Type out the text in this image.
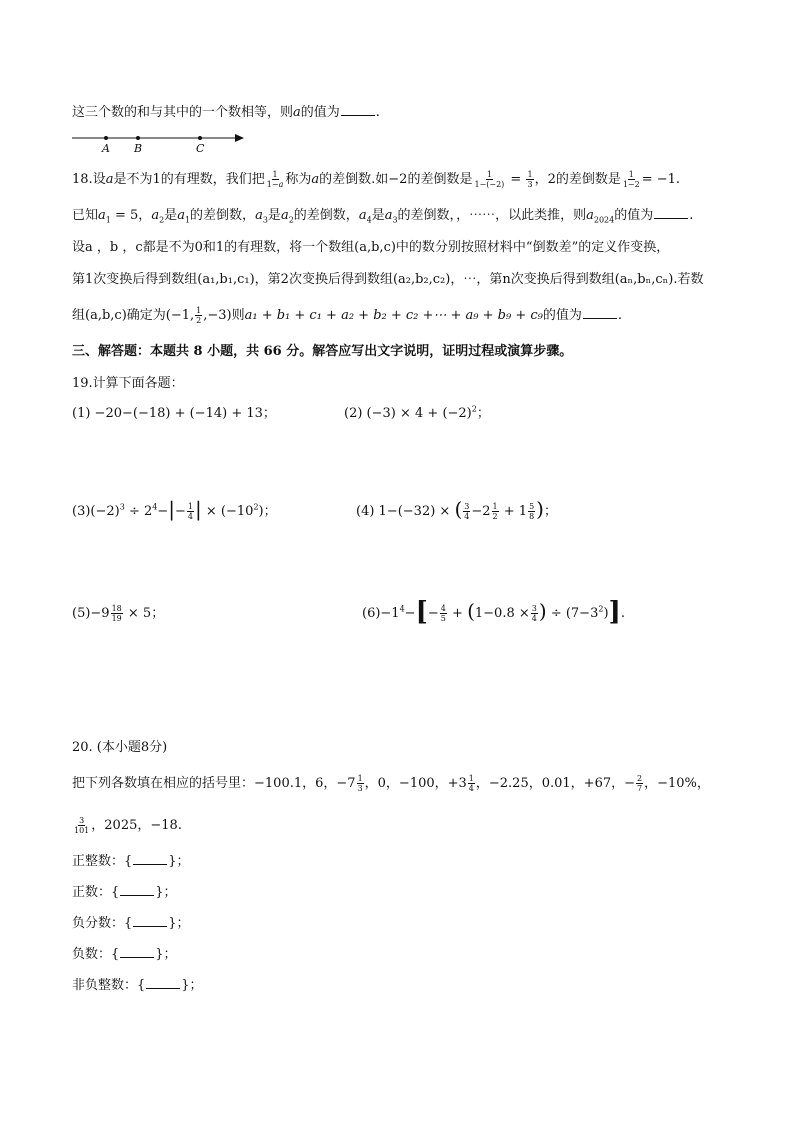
这三个数的和与其中的一个数相等，则a的值为	.
A B	C
18.设a是不为1的有理数，我们把 $\frac{1}{1-a}$ 称为a的差倒数.如−2的差倒数是 $\frac{1}{1-(-2)} = \frac{1}{3}$ ，2的差倒数是 $\frac{1}{1-2} = -1$.
已知$a_1 = 5$，$a_2$是$a_1$的差倒数，$a_3$是$a_2$的差倒数，$a_4$是$a_3$的差倒数，，⋯⋯，以此类推，则$a_{2024}$的值为	.
设a ，b ，c都是不为0和1的有理数，将一个数组(a,b,c)中的数分别按照材料中“倒数差”的定义作变换，
第1次变换后得到数组(a₁,b₁,c₁)，第2次变换后得到数组(a₂,b₂,c₂)，⋯，第n次变换后得到数组(aₙ,bₙ,cₙ).若数
组(a,b,c)确定为(−1, $\frac{1}{2} ,-3$)则a₁ + b₁ + c₁ + a₂ + b₂ + c₂ +⋯ + a₉ + b₉ + c₉的值为	.
三、解答题：本题共 8 小题，共 66 分。解答应写出文字说明，证明过程或演算步骤。
19.计算下面各题：
(1) −20−(−18) + (−14) + 13；	(2) $(-3) \times 4 + (-2)^2$；
$(3)(-2)^3 \div 2^4-|- \frac{1}{4}$ | × $(-10^2)$；	(4) 1−(−32) × ( $\frac{3}{4} -2 \frac{1}{2} + 1 \frac{5}{8}$ )；
$(5)-9 \frac{18}{19} \times 5$；	$(6)-1^4-[- \frac{4}{5} + (1-0.8 \times \frac{3}{4}$ ) ÷ $(7-3^2)$].
20. (本小题8分)
把下列各数填在相应的括号里：−100.1，6，$-7 \frac{1}{3}$ ，0，−100，$+3 \frac{1}{4}$ ，−2.25，0.01，+67，− $\frac{2}{7}$ ，−10%，
$\frac{3}{101}$ ，2025，−18.
正整数：{	}；
正数：{	}；
负分数：{	}；
负数：{	}；
非负整数：{	}；
